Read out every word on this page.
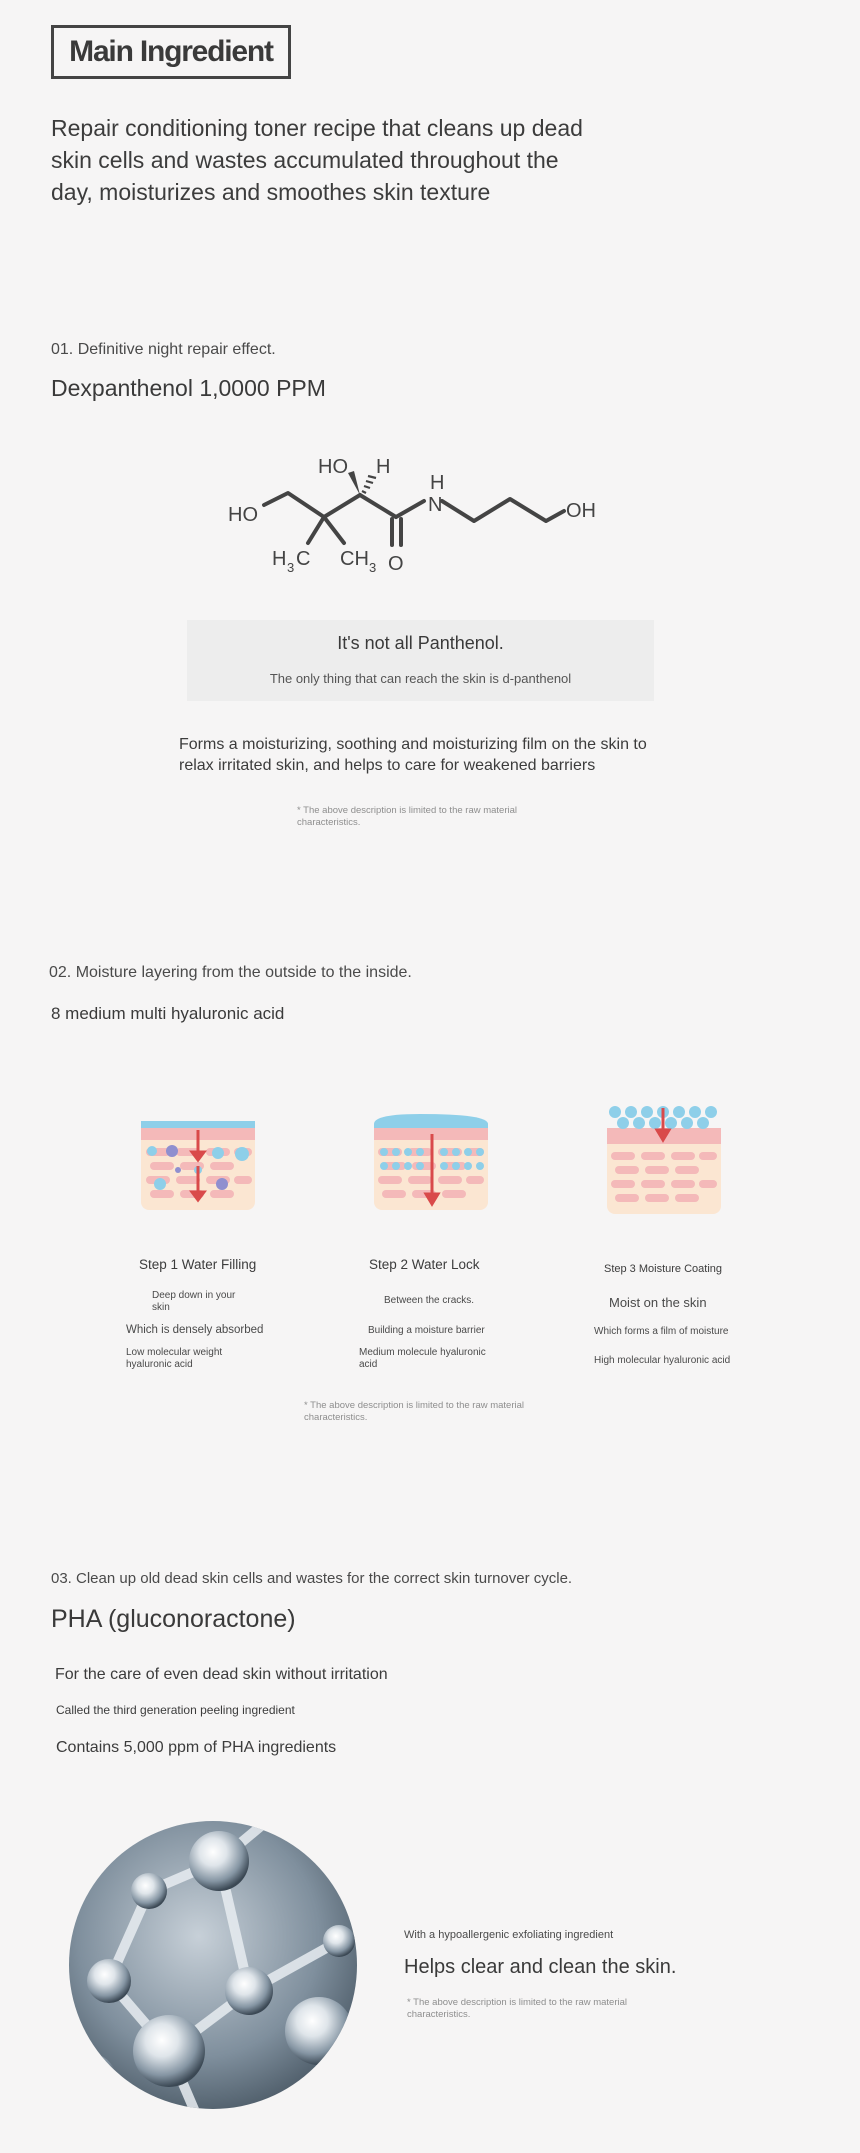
Main Ingredient
Repair conditioning toner recipe that cleans up dead skin cells and wastes accumulated throughout the day, moisturizes and smoothes skin texture
01. Definitive night repair effect.
Dexpanthenol 1,0000 PPM
HO
HO H
H
N	OH
O
H 3 C CH 3
It's not all Panthenol.
The only thing that can reach the skin is d-panthenol
Forms a moisturizing, soothing and moisturizing film on the skin to relax irritated skin, and helps to care for weakened barriers
* The above description is limited to the raw material characteristics.
02. Moisture layering from the outside to the inside.
8 medium multi hyaluronic acid
Step 1 Water Filling
Deep down in your skin
Which is densely absorbed
Low molecular weight hyaluronic acid
Step 2 Water Lock
Between the cracks.
Building a moisture barrier
Medium molecule hyaluronic acid
Step 3 Moisture Coating
Moist on the skin
Which forms a film of moisture
High molecular hyaluronic acid
* The above description is limited to the raw material characteristics.
03. Clean up old dead skin cells and wastes for the correct skin turnover cycle.
PHA (gluconoractone)
For the care of even dead skin without irritation
Called the third generation peeling ingredient
Contains 5,000 ppm of PHA ingredients
With a hypoallergenic exfoliating ingredient
Helps clear and clean the skin.
* The above description is limited to the raw material characteristics.
